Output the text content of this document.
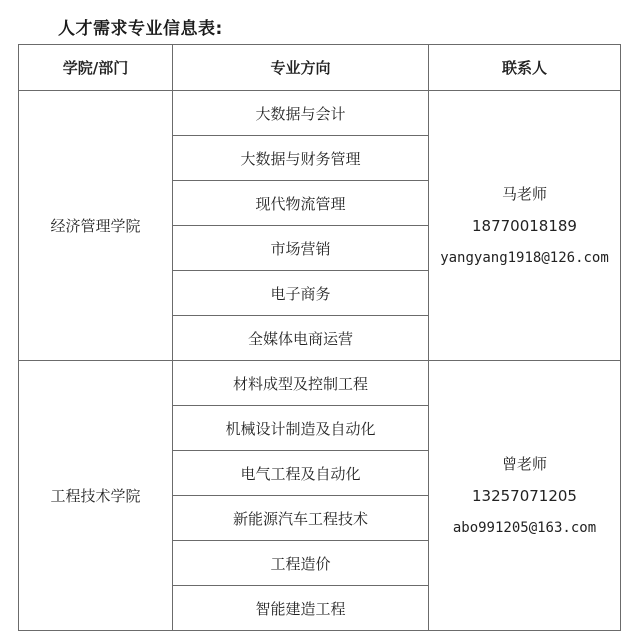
人才需求专业信息表:
学院/部门	专业方向	联系人
经济管理学院	大数据与会计	马老师
18770018189
yangyang1918@126.com

	大数据与财务管理	
	现代物流管理	
	市场营销	
	电子商务	
	全媒体电商运营	
工程技术学院	材料成型及控制工程	曾老师
13257071205
abo991205@163.com

	机械设计制造及自动化	
	电气工程及自动化	
	新能源汽车工程技术	
	工程造价	
	智能建造工程	
